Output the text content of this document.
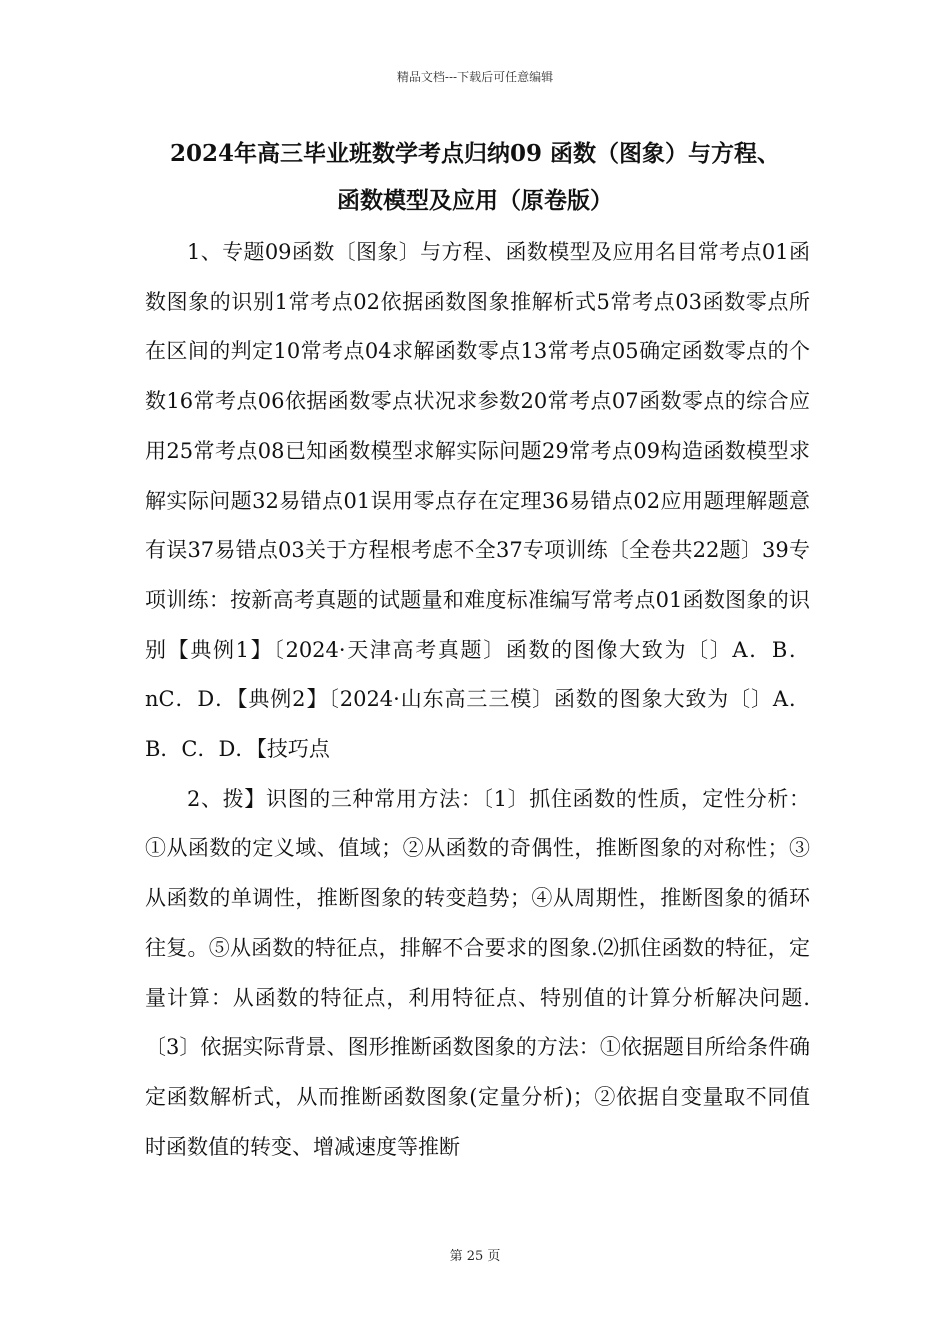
精品文档---下载后可任意编辑
2024年高三毕业班数学考点归纳09 函数（图象）与方程、
函数模型及应用（原卷版）

1、专题09函数〔图象〕与方程、函数模型及应用名目常考点01函数图象的识别1常考点02依据函数图象推解析式5常考点03函数零点所在区间的判定10常考点04求解函数零点13常考点05确定函数零点的个数16常考点06依据函数零点状况求参数20常考点07函数零点的综合应用25常考点08已知函数模型求解实际问题29常考点09构造函数模型求解实际问题32易错点01误用零点存在定理36易错点02应用题理解题意有误37易错点03关于方程根考虑不全37专项训练〔全卷共22题〕39专项训练：按新高考真题的试题量和难度标准编写常考点01函数图象的识别【典例1】〔2024·天津高考真题〕函数的图像大致为〔〕A．B．nC．D．【典例2】〔2024·山东高三三模〕函数的图象大致为〔〕A．B．C．D．【技巧点

2、拨】识图的三种常用方法：〔1〕抓住函数的性质，定性分析：①从函数的定义域、值域；②从函数的奇偶性，推断图象的对称性；③从函数的单调性，推断图象的转变趋势；④从周期性，推断图象的循环往复。⑤从函数的特征点，排解不合要求的图象.⑵抓住函数的特征，定量计算：从函数的特征点，利用特征点、特别值的计算分析解决问题. 〔3〕依据实际背景、图形推断函数图象的方法：①依据题目所给条件确定函数解析式，从而推断函数图象(定量分析)；②依据自变量取不同值时函数值的转变、增减速度等推断

第 25 页
